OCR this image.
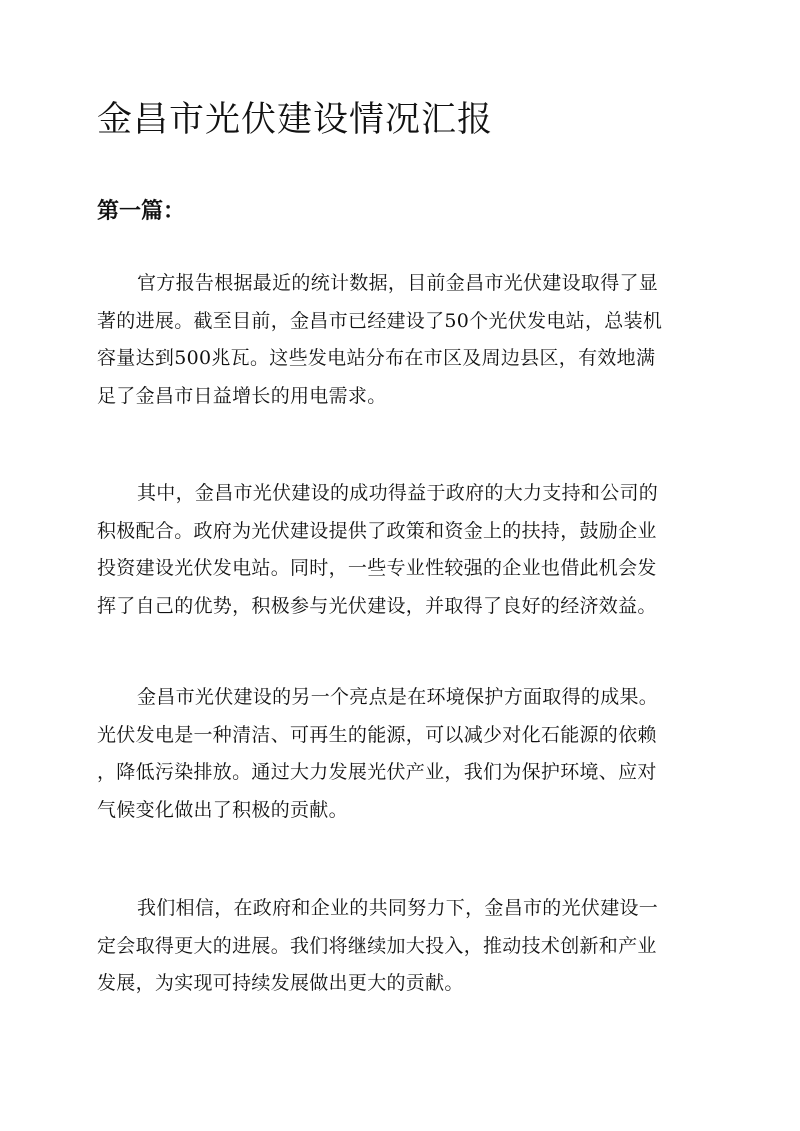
金昌市光伏建设情况汇报
第一篇：

官方报告根据最近的统计数据，目前金昌市光伏建设取得了显
著的进展。截至目前，金昌市已经建设了50个光伏发电站，总装机
容量达到500兆瓦。这些发电站分布在市区及周边县区，有效地满
足了金昌市日益增长的用电需求。

其中，金昌市光伏建设的成功得益于政府的大力支持和公司的
积极配合。政府为光伏建设提供了政策和资金上的扶持，鼓励企业
投资建设光伏发电站。同时，一些专业性较强的企业也借此机会发
挥了自己的优势，积极参与光伏建设，并取得了良好的经济效益。

金昌市光伏建设的另一个亮点是在环境保护方面取得的成果。
光伏发电是一种清洁、可再生的能源，可以减少对化石能源的依赖
，降低污染排放。通过大力发展光伏产业，我们为保护环境、应对
气候变化做出了积极的贡献。

我们相信，在政府和企业的共同努力下，金昌市的光伏建设一
定会取得更大的进展。我们将继续加大投入，推动技术创新和产业
发展，为实现可持续发展做出更大的贡献。
